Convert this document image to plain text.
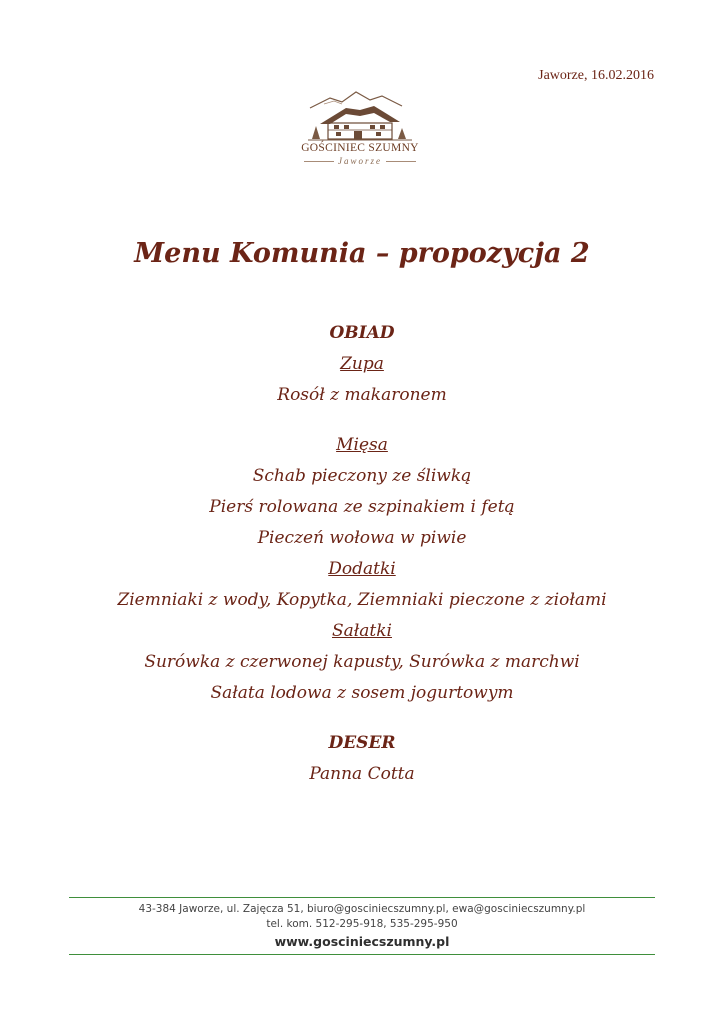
Jaworze, 16.02.2016
GOŚCINIEC SZUMNY
Jaworze
Menu Komunia – propozycja 2
OBIAD
Zupa
Rosół z makaronem
Mięsa
Schab pieczony ze śliwką
Pierś rolowana ze szpinakiem i fetą
Pieczeń wołowa w piwie
Dodatki
Ziemniaki z wody, Kopytka, Ziemniaki pieczone z ziołami
Sałatki
Surówka z czerwonej kapusty, Surówka z marchwi
Sałata lodowa z sosem jogurtowym
DESER
Panna Cotta
43-384 Jaworze, ul. Zajęcza 51, biuro@gosciniecszumny.pl, ewa@gosciniecszumny.pl
tel. kom. 512-295-918, 535-295-950
www.gosciniecszumny.pl
